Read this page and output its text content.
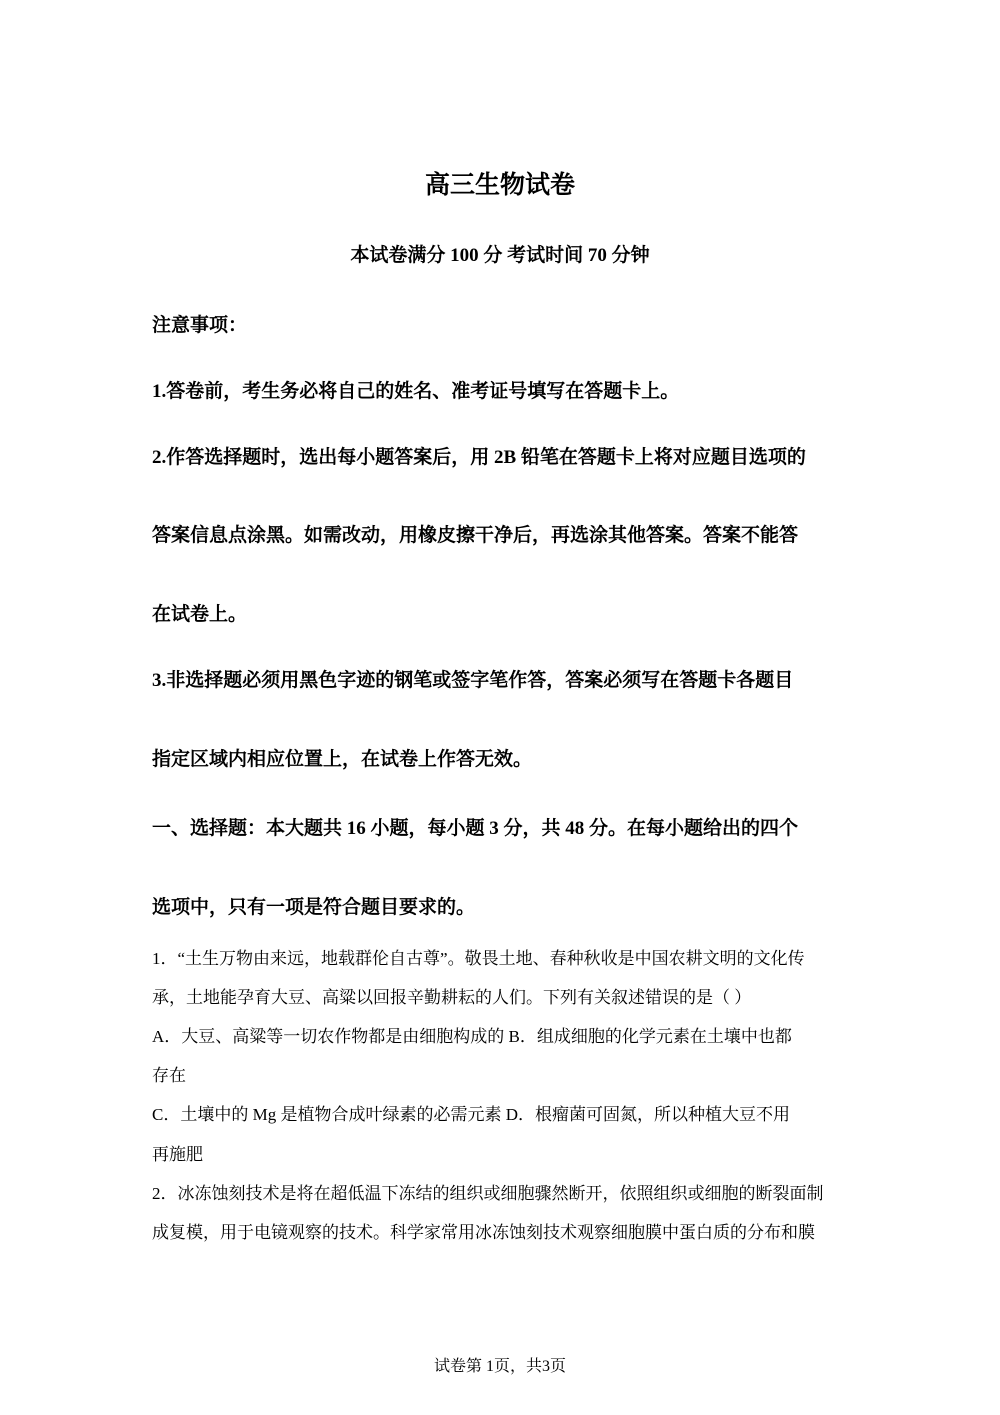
高三生物试卷
本试卷满分 100 分 考试时间 70 分钟
注意事项：
1.答卷前，考生务必将自己的姓名、准考证号填写在答题卡上。
2.作答选择题时，选出每小题答案后，用 2B 铅笔在答题卡上将对应题目选项的
答案信息点涂黑。如需改动，用橡皮擦干净后，再选涂其他答案。答案不能答
在试卷上。
3.非选择题必须用黑色字迹的钢笔或签字笔作答，答案必须写在答题卡各题目
指定区域内相应位置上，在试卷上作答无效。
一、选择题：本大题共 16 小题，每小题 3 分，共 48 分。在每小题给出的四个
选项中，只有一项是符合题目要求的。
1．“土生万物由来远，地载群伦自古尊”。敬畏土地、春种秋收是中国农耕文明的文化传
承，土地能孕育大豆、高粱以回报辛勤耕耘的人们。下列有关叙述错误的是（ ）
A．大豆、高粱等一切农作物都是由细胞构成的 B．组成细胞的化学元素在土壤中也都
存在
C．土壤中的 Mg 是植物合成叶绿素的必需元素 D．根瘤菌可固氮，所以种植大豆不用
再施肥
2．冰冻蚀刻技术是将在超低温下冻结的组织或细胞骤然断开，依照组织或细胞的断裂面制
成复模，用于电镜观察的技术。科学家常用冰冻蚀刻技术观察细胞膜中蛋白质的分布和膜
试卷第 1页，共3页
